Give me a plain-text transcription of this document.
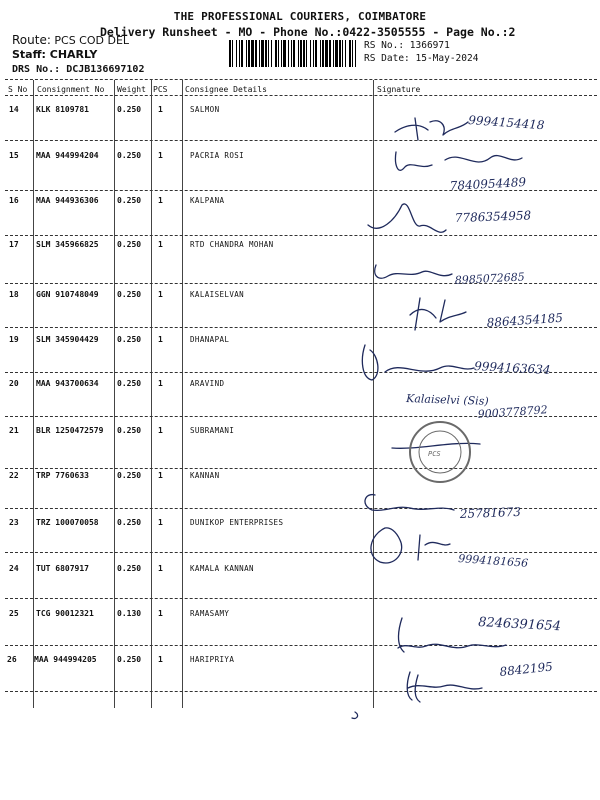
THE PROFESSIONAL COURIERS, COIMBATORE
Delivery Runsheet - MO - Phone No.:0422-3505555 - Page No.:2
Route: PCS COD DEL
Staff: CHARLY
DRS No.: DCJB136697102
RS No.: 1366971
RS Date: 15-May-2024
S No Consignment No Weight PCS Consignee Details	Signature
14 KLK 8109781	0.250 1	SALMON
15 MAA 944994204 0.250 1	PACRIA ROSI
16 MAA 944936306 0.250 1	KALPANA
17 SLM 345966825 0.250 1	RTD CHANDRA MOHAN
18 GGN 910748049 0.250 1	KALAISELVAN
19 SLM 345904429 0.250 1	DHANAPAL
20 MAA 943700634 0.250 1	ARAVIND
21 BLR 1250472579 0.250 1	SUBRAMANI
22 TRP 7760633	0.250 1	KANNAN
23 TRZ 100070058 0.250 1	DUNIKOP ENTERPRISES
24 TUT 6807917	0.250 1	KAMALA KANNAN
25 TCG 90012321	0.130 1	RAMASAMY
26 MAA 944994205	0.250 1	HARIPRIYA
PCS
9994154418
7840954489
7786354958
8985072685
8864354185
9994163634
Kalaiselvi (Sis)
9003778792
25781673
9994181656
8246391654
8842195
